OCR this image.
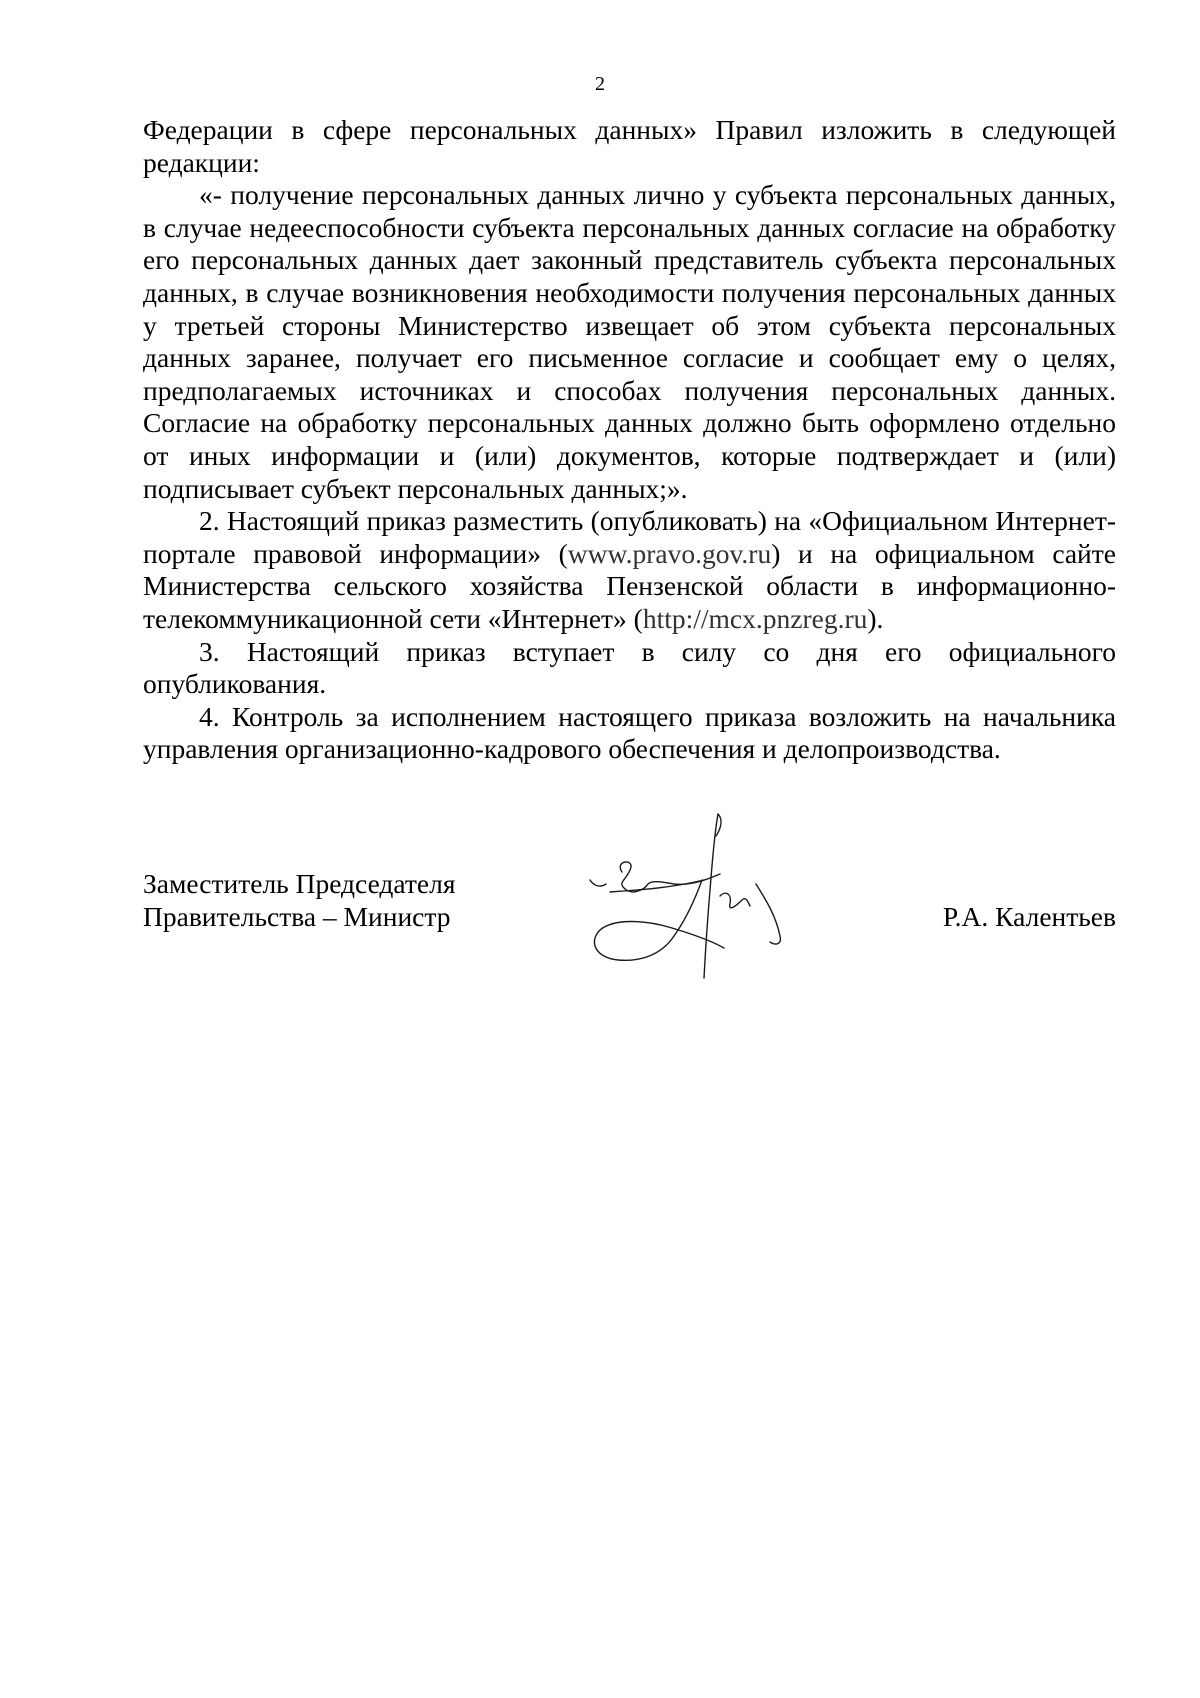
2

Федерации в сфере персональных данных» Правил изложить в следующей редакции:

«- получение персональных данных лично у субъекта персональных данных, в случае недееспособности субъекта персональных данных согласие на обработку его персональных данных дает законный представитель субъекта персональных данных, в случае возникновения необходимости получения персональных данных у третьей стороны Министерство извещает об этом субъекта персональных данных заранее, получает его письменное согласие и сообщает ему о целях, предполагаемых источниках и способах получения персональных данных. Согласие на обработку персональных данных должно быть оформлено отдельно от иных информации и (или) документов, которые подтверждает и (или) подписывает субъект персональных данных;».

2. Настоящий приказ разместить (опубликовать) на «Официальном Интернет-портале правовой информации» (www.pravo.gov.ru) и на официальном сайте Министерства сельского хозяйства Пензенской области в информационно-телекоммуникационной сети «Интернет» (http://mcx.pnzreg.ru).

3. Настоящий приказ вступает в силу со дня его официального опубликования.

4. Контроль за исполнением настоящего приказа возложить на начальника управления организационно-кадрового обеспечения и делопроизводства.

Заместитель Председателя
Правительства – Министр	Р.А. Калентьев
